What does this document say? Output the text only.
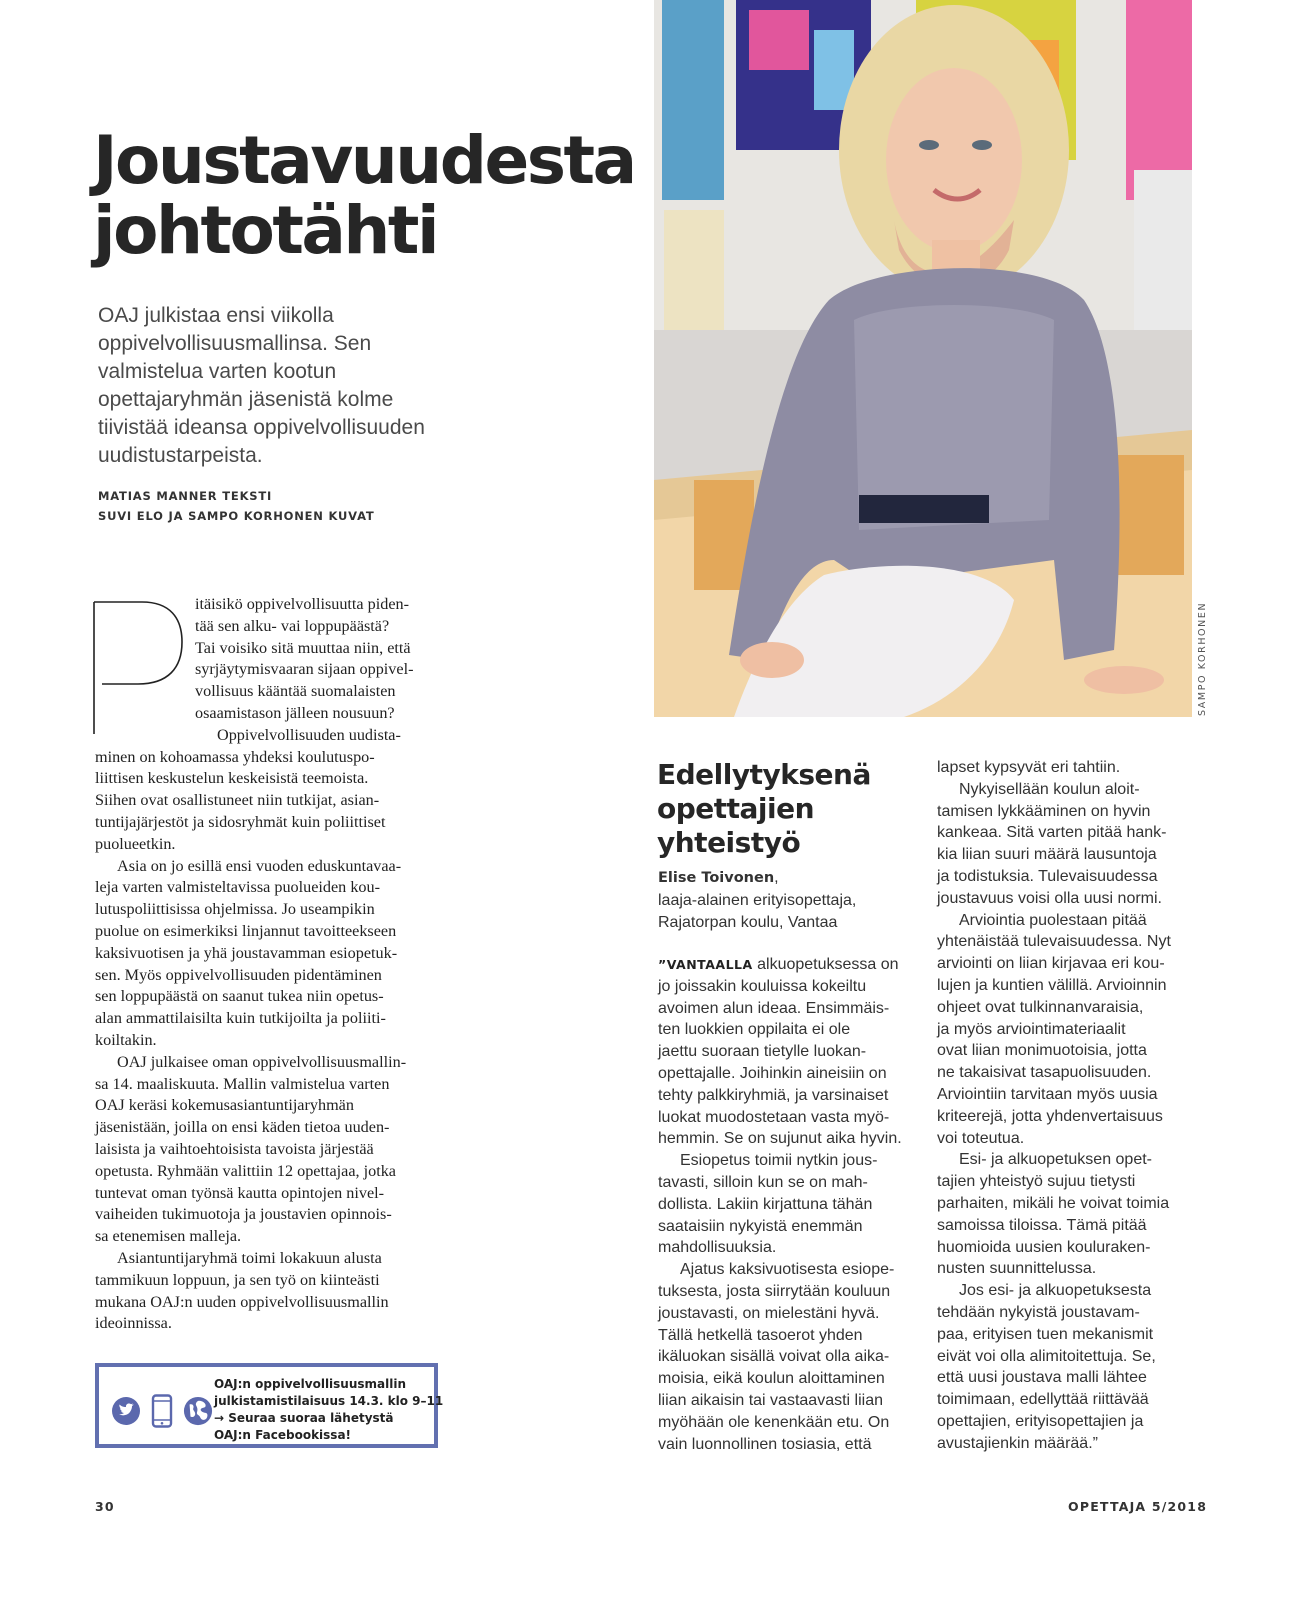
Joustavuudesta
johtotähti

OAJ julkistaa ensi viikolla
oppivelvollisuusmallinsa. Sen
valmistelua varten kootun
opettajaryhmän jäsenistä kolme
tiivistää ideansa oppivelvollisuuden
uudistustarpeista.

MATIAS MANNER TEKSTI
SUVI ELO JA SAMPO KORHONEN KUVAT
itäisikö oppivelvollisuutta piden-
tää sen alku- vai loppupäästä?
Tai voisiko sitä muuttaa niin, että
syrjäytymisvaaran sijaan oppivel-
vollisuus kääntää suomalaisten
osaamistason jälleen nousuun?
Oppivelvollisuuden uudista-
minen on kohoamassa yhdeksi koulutuspo-
liittisen keskustelun keskeisistä teemoista.
Siihen ovat osallistuneet niin tutkijat, asian-
tuntijajärjestöt ja sidosryhmät kuin poliittiset
puolueetkin.
Asia on jo esillä ensi vuoden eduskuntavaa-
leja varten valmisteltavissa puolueiden kou-
lutuspoliittisissa ohjelmissa. Jo useampikin
puolue on esimerkiksi linjannut tavoitteekseen
kaksivuotisen ja yhä joustavamman esiopetuk-
sen. Myös oppivelvollisuuden pidentäminen
sen loppupäästä on saanut tukea niin opetus-
alan ammattilaisilta kuin tutkijoilta ja poliiti-
koiltakin.
OAJ julkaisee oman oppivelvollisuusmallin-
sa 14. maaliskuuta. Mallin valmistelua varten
OAJ keräsi kokemusasiantuntijaryhmän
jäsenistään, joilla on ensi käden tietoa uuden-
laisista ja vaihtoehtoisista tavoista järjestää
opetusta. Ryhmään valittiin 12 opettajaa, jotka
tuntevat oman työnsä kautta opintojen nivel-
vaiheiden tukimuotoja ja joustavien opinnois-
sa etenemisen malleja.
Asiantuntijaryhmä toimi lokakuun alusta
tammikuun loppuun, ja sen työ on kiinteästi
mukana OAJ:n uuden oppivelvollisuusmallin
ideoinnissa.
OAJ:n oppivelvollisuusmallin
julkistamistilaisuus 14.3. klo 9–11
→ Seuraa suoraa lähetystä
OAJ:n Facebookissa!
SAMPO KORHONEN
Edellytyksenä
opettajien
yhteistyö
Elise Toivonen,
laaja-alainen erityisopettaja,
Rajatorpan koulu, Vantaa
”VANTAALLA alkuopetuksessa on
jo joissakin kouluissa kokeiltu
avoimen alun ideaa. Ensimmäis-
ten luokkien oppilaita ei ole
jaettu suoraan tietylle luokan-
opettajalle. Joihinkin aineisiin on
tehty palkkiryhmiä, ja varsinaiset
luokat muodostetaan vasta myö-
hemmin. Se on sujunut aika hyvin.
Esiopetus toimii nytkin jous-
tavasti, silloin kun se on mah-
dollista. Lakiin kirjattuna tähän
saataisiin nykyistä enemmän
mahdollisuuksia.
Ajatus kaksivuotisesta esiope-
tuksesta, josta siirrytään kouluun
joustavasti, on mielestäni hyvä.
Tällä hetkellä tasoerot yhden
ikäluokan sisällä voivat olla aika-
moisia, eikä koulun aloittaminen
liian aikaisin tai vastaavasti liian
myöhään ole kenenkään etu. On
vain luonnollinen tosiasia, että
lapset kypsyvät eri tahtiin.
Nykyisellään koulun aloit-
tamisen lykkääminen on hyvin
kankeaa. Sitä varten pitää hank-
kia liian suuri määrä lausuntoja
ja todistuksia. Tulevaisuudessa
joustavuus voisi olla uusi normi.
Arviointia puolestaan pitää
yhtenäistää tulevaisuudessa. Nyt
arviointi on liian kirjavaa eri kou-
lujen ja kuntien välillä. Arvioinnin
ohjeet ovat tulkinnanvaraisia,
ja myös arviointimateriaalit
ovat liian monimuotoisia, jotta
ne takaisivat tasapuolisuuden.
Arviointiin tarvitaan myös uusia
kriteerejä, jotta yhdenvertaisuus
voi toteutua.
Esi- ja alkuopetuksen opet-
tajien yhteistyö sujuu tietysti
parhaiten, mikäli he voivat toimia
samoissa tiloissa. Tämä pitää
huomioida uusien kouluraken-
nusten suunnittelussa.
Jos esi- ja alkuopetuksesta
tehdään nykyistä joustavam-
paa, erityisen tuen mekanismit
eivät voi olla alimitoitettuja. Se,
että uusi joustava malli lähtee
toimimaan, edellyttää riittävää
opettajien, erityisopettajien ja
avustajienkin määrää.”
30	OPETTAJA 5/2018
